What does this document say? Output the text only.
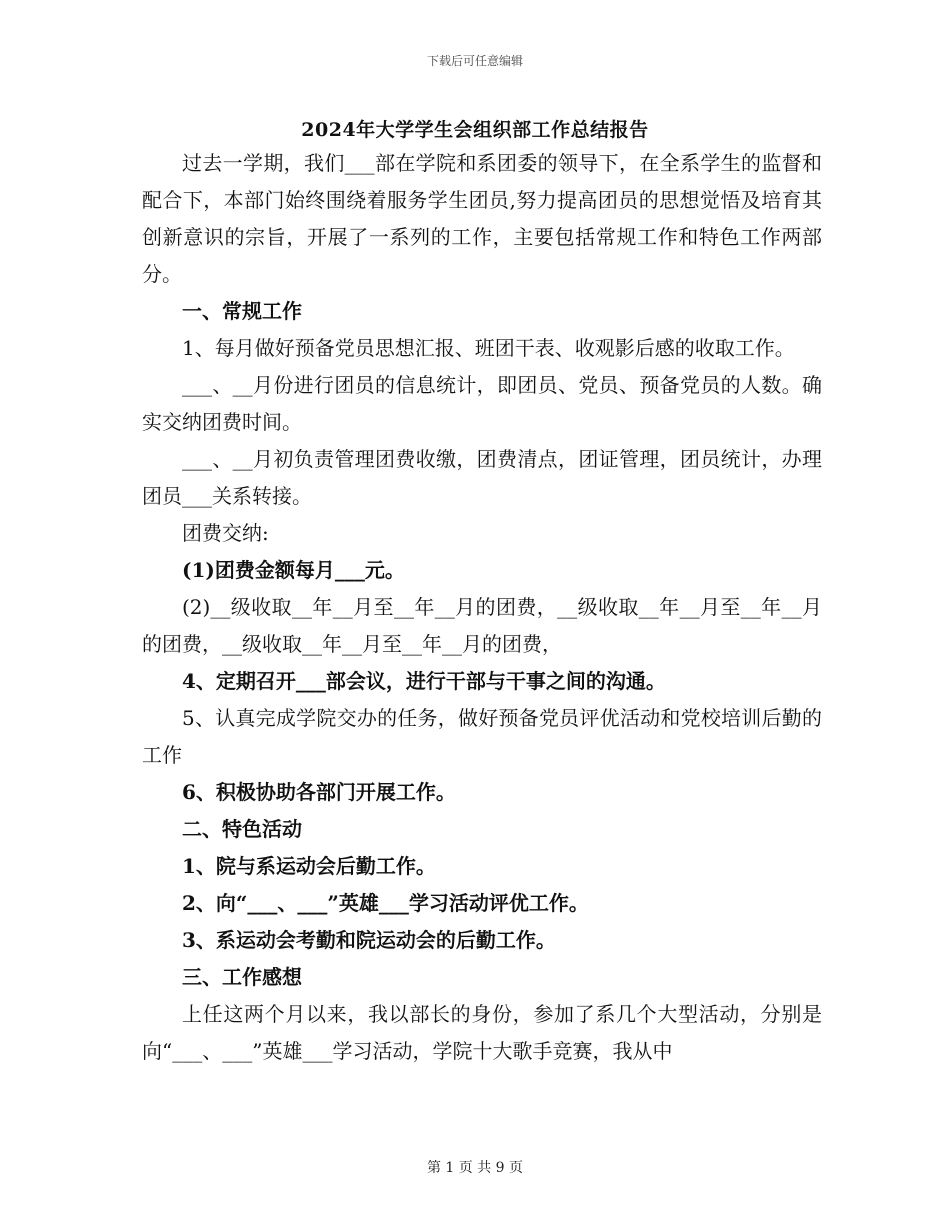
下载后可任意编辑
2024年大学学生会组织部工作总结报告

过去一学期，我们___部在学院和系团委的领导下，在全系学生的监督和配合下，本部门始终围绕着服务学生团员,努力提高团员的思想觉悟及培育其创新意识的宗旨，开展了一系列的工作，主要包括常规工作和特色工作两部分。

一、常规工作

1、每月做好预备党员思想汇报、班团干表、收观影后感的收取工作。

___、__月份进行团员的信息统计，即团员、党员、预备党员的人数。确实交纳团费时间。

___、__月初负责管理团费收缴，团费清点，团证管理，团员统计，办理团员___关系转接。

团费交纳:

(1)团费金额每月___元。

(2)__级收取__年__月至__年__月的团费，__级收取__年__月至__年__月的团费，__级收取__年__月至__年__月的团费，

4、定期召开___部会议，进行干部与干事之间的沟通。

5、认真完成学院交办的任务，做好预备党员评优活动和党校培训后勤的工作

6、积极协助各部门开展工作。

二、特色活动

1、院与系运动会后勤工作。

2、向“___、___”英雄___学习活动评优工作。

3、系运动会考勤和院运动会的后勤工作。

三、工作感想

上任这两个月以来，我以部长的身份，参加了系几个大型活动，分别是向“___、___”英雄___学习活动，学院十大歌手竞赛，我从中

第 1 页 共 9 页
